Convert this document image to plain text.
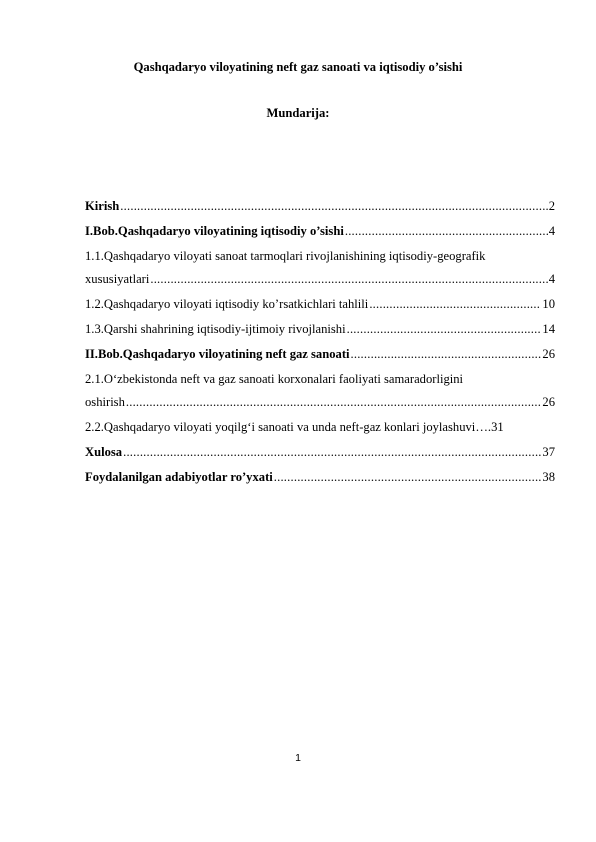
Qashqadaryo viloyatining neft gaz sanoati va iqtisodiy o’sishi
Mundarija:
Kirish .....	2
I.Bob.Qashqadaryo viloyatining iqtisodiy o’sishi .....	4
1.1.Qashqadaryo viloyati sanoat tarmoqlari rivojlanishining iqtisodiy-geografik
xususiyatlari .....	4
1.2.Qashqadaryo viloyati iqtisodiy ko’rsatkichlari tahlili .....	10
1.3.Qarshi shahrining iqtisodiy-ijtimoiy rivojlanishi .....	14
II.Bob.Qashqadaryo viloyatining neft gaz sanoati .....	26
2.1.O‘zbekistonda neft va gaz sanoati korxonalari faoliyati samaradorligini
oshirish .....	26
2.2.Qashqadaryo viloyati yoqilg‘i sanoati va unda neft-gaz konlari joylashuvi …. 31
Xulosa .....	37
Foydalanilgan adabiyotlar ro’yxati .....	38
1
